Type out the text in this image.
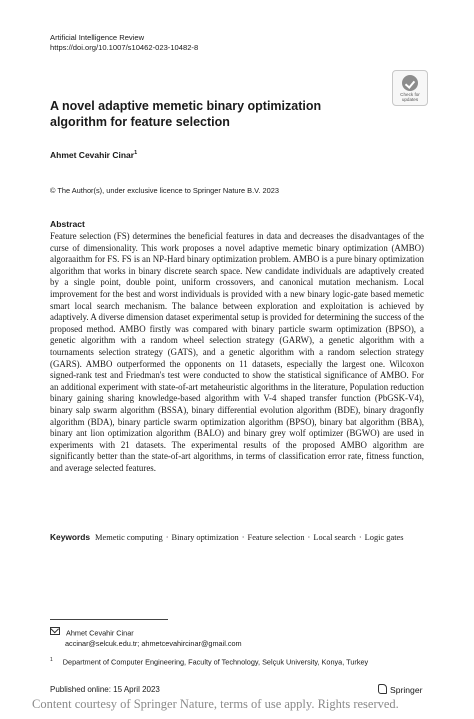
Artificial Intelligence Review
https://doi.org/10.1007/s10462-023-10482-8
Check for
updates
A novel adaptive memetic binary optimization algorithm for feature selection
Ahmet Cevahir Cinar$^1$
© The Author(s), under exclusive licence to Springer Nature B.V. 2023
Abstract

Feature selection (FS) determines the beneficial features in data and decreases the disadvantages of the curse of dimensionality. This work proposes a novel adaptive memetic binary optimization (AMBO) algoraaithm for FS. FS is an NP-Hard binary optimization problem. AMBO is a pure binary optimization algorithm that works in binary discrete search space. New candidate individuals are adaptively created by a single point, double point, uniform crossovers, and canonical mutation mechanism. Local improvement for the best and worst individuals is provided with a new binary logic-gate based memetic smart local search mechanism. The balance between exploration and exploitation is achieved by adaptively. A diverse dimension dataset experimental setup is provided for determining the success of the proposed method. AMBO firstly was compared with binary particle swarm optimization (BPSO), a genetic algorithm with a random wheel selection strategy (GARW), a genetic algorithm with a tournaments selection strategy (GATS), and a genetic algorithm with a random selection strategy (GARS). AMBO outperformed the opponents on 11 datasets, especially the largest one. Wilcoxon signed-rank test and Friedman's test were conducted to show the statistical significance of AMBO. For an additional experiment with state-of-art metaheuristic algorithms in the literature, Population reduction binary gaining sharing knowledge-based algorithm with V-4 shaped transfer function (PbGSK-V4), binary salp swarm algorithm (BSSA), binary differential evolution algorithm (BDE), binary dragonfly algorithm (BDA), binary particle swarm optimization algorithm (BPSO), binary bat algorithm (BBA), binary ant lion optimization algorithm (BALO) and binary grey wolf optimizer (BGWO) are used in experiments with 21 datasets. The experimental results of the proposed AMBO algorithm are significantly better than the state-of-art algorithms, in terms of classification error rate, fitness function, and average selected features.

Keywords Memetic computing · Binary optimization · Feature selection · Local search · Logic gates
Ahmet Cevahir Cinar
accinar@selcuk.edu.tr; ahmetcevahircinar@gmail.com
$^1$ Department of Computer Engineering, Faculty of Technology, Selçuk University, Konya, Turkey
Published online: 15 April 2023	Springer
Content courtesy of Springer Nature, terms of use apply. Rights reserved.
